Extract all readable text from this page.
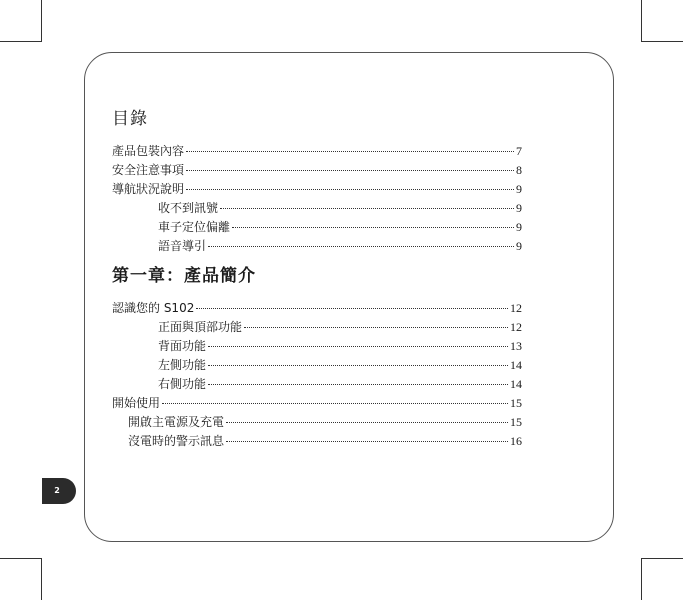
2
目錄
產品包裝內容	7
安全注意事項	8
導航狀況說明	9
收不到訊號	9
車子定位偏離	9
語音導引	9
第一章：產品簡介
認識您的 S102	12
正面與頂部功能	12
背面功能	13
左側功能	14
右側功能	14
開始使用	15
開啟主電源及充電	15
沒電時的警示訊息	16
